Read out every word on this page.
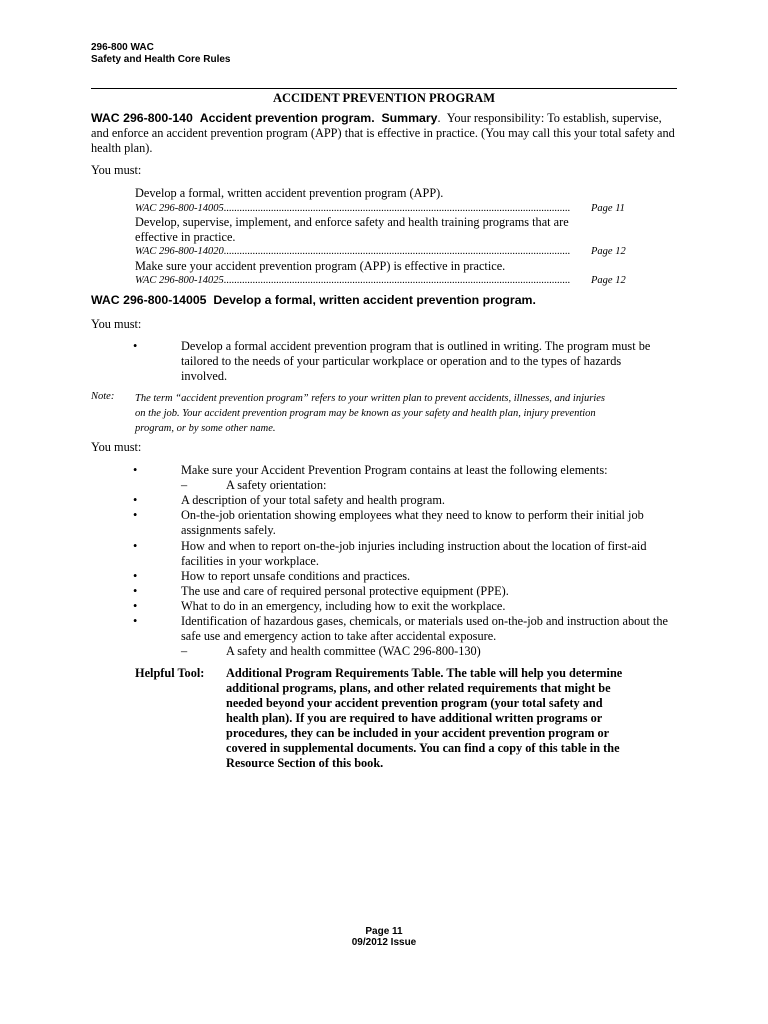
296-800 WAC
Safety and Health Core Rules
ACCIDENT PREVENTION PROGRAM
WAC 296-800-140 Accident prevention program.  Summary.  Your responsibility: To establish, supervise, and enforce an accident prevention program (APP) that is effective in practice. (You may call this your total safety and health plan).
You must:
Develop a formal, written accident prevention program (APP).
WAC 296-800-14005....................................................................................................................................	Page 11
Develop, supervise, implement, and enforce safety and health training programs that are effective in practice.
WAC 296-800-14020....................................................................................................................................	Page 12
Make sure your accident prevention program (APP) is effective in practice.
WAC 296-800-14025....................................................................................................................................	Page 12
WAC 296-800-14005 Develop a formal, written accident prevention program.
You must:
•	Develop a formal accident prevention program that is outlined in writing. The program must be tailored to the needs of your particular workplace or operation and to the types of hazards involved.
Note: The term “accident prevention program” refers to your written plan to prevent accidents, illnesses, and injuries on the job. Your accident prevention program may be known as your safety and health plan, injury prevention program, or by some other name.
You must:
•	Make sure your Accident Prevention Program contains at least the following elements:
–	A safety orientation:
•	A description of your total safety and health program.
•	On-the-job orientation showing employees what they need to know to perform their initial job assignments safely.
•	How and when to report on-the-job injuries including instruction about the location of first-aid facilities in your workplace.
•	How to report unsafe conditions and practices.
•	The use and care of required personal protective equipment (PPE).
•	What to do in an emergency, including how to exit the workplace.
•	Identification of hazardous gases, chemicals, or materials used on-the-job and instruction about the safe use and emergency action to take after accidental exposure.
–	A safety and health committee (WAC 296-800-130)
Helpful Tool: Additional Program Requirements Table. The table will help you determine additional programs, plans, and other related requirements that might be needed beyond your accident prevention program (your total safety and health plan). If you are required to have additional written programs or procedures, they can be included in your accident prevention program or covered in supplemental documents. You can find a copy of this table in the Resource Section of this book.
Page 11
09/2012 Issue
